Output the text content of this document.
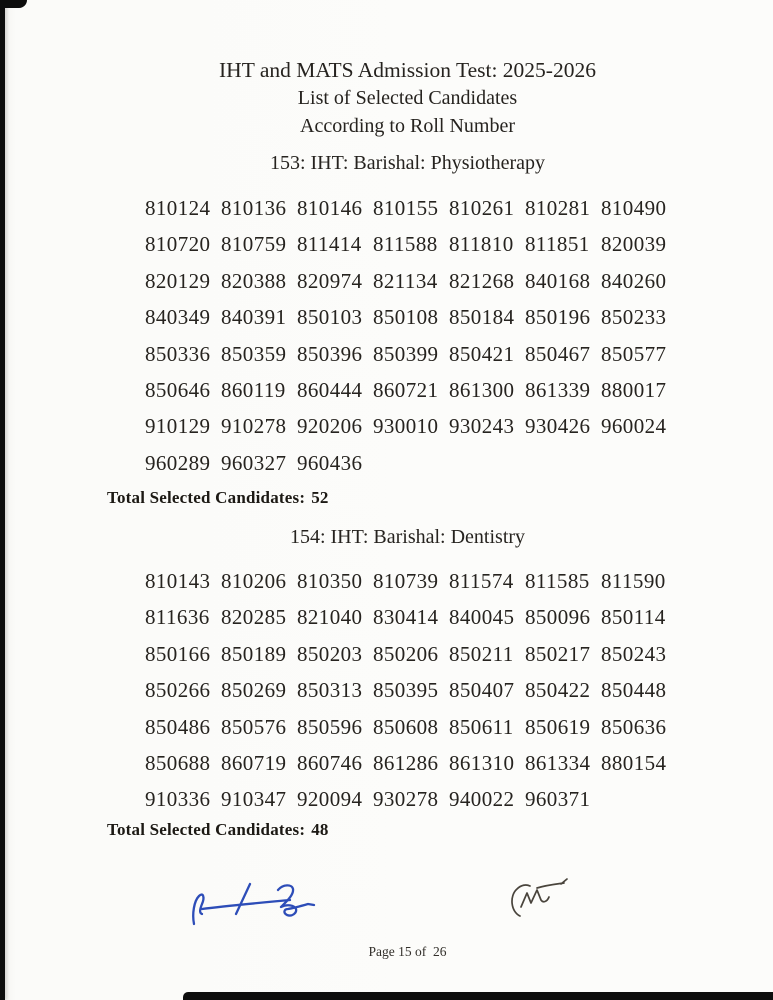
IHT and MATS Admission Test: 2025-2026
List of Selected Candidates
According to Roll Number
153: IHT: Barishal: Physiotherapy
810124 810136 810146 810155 810261 810281 810490
810720 810759 811414 811588 811810 811851 820039
820129 820388 820974 821134 821268 840168 840260
840349 840391 850103 850108 850184 850196 850233
850336 850359 850396 850399 850421 850467 850577
850646 860119 860444 860721 861300 861339 880017
910129 910278 920206 930010 930243 930426 960024
960289 960327 960436
Total Selected Candidates: 52
154: IHT: Barishal: Dentistry
810143 810206 810350 810739 811574 811585 811590
811636 820285 821040 830414 840045 850096 850114
850166 850189 850203 850206 850211 850217 850243
850266 850269 850313 850395 850407 850422 850448
850486 850576 850596 850608 850611 850619 850636
850688 860719 860746 861286 861310 861334 880154
910336 910347 920094 930278 940022 960371
Total Selected Candidates: 48
Page 15 of  26
